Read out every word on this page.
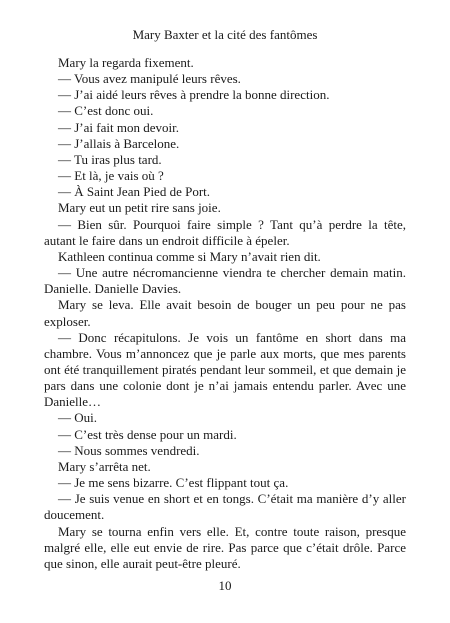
Mary Baxter et la cité des fantômes

Mary la regarda fixement.

— Vous avez manipulé leurs rêves.

— J’ai aidé leurs rêves à prendre la bonne direction.

— C’est donc oui.

— J’ai fait mon devoir.

— J’allais à Barcelone.

— Tu iras plus tard.

— Et là, je vais où ?

— À Saint Jean Pied de Port.

Mary eut un petit rire sans joie.

— Bien sûr. Pourquoi faire simple ? Tant qu’à perdre la tête, autant le faire dans un endroit difficile à épeler.

Kathleen continua comme si Mary n’avait rien dit.

— Une autre nécromancienne viendra te chercher demain matin. Danielle. Danielle Davies.

Mary se leva. Elle avait besoin de bouger un peu pour ne pas exploser.

— Donc récapitulons. Je vois un fantôme en short dans ma chambre. Vous m’annoncez que je parle aux morts, que mes parents ont été tranquillement piratés pendant leur sommeil, et que demain je pars dans une colonie dont je n’ai jamais entendu parler. Avec une Danielle…

— Oui.

— C’est très dense pour un mardi.

— Nous sommes vendredi.

Mary s’arrêta net.

— Je me sens bizarre. C’est flippant tout ça.

— Je suis venue en short et en tongs. C’était ma manière d’y aller doucement.

Mary se tourna enfin vers elle. Et, contre toute raison, presque malgré elle, elle eut envie de rire. Pas parce que c’était drôle. Parce que sinon, elle aurait peut-être pleuré.

10
